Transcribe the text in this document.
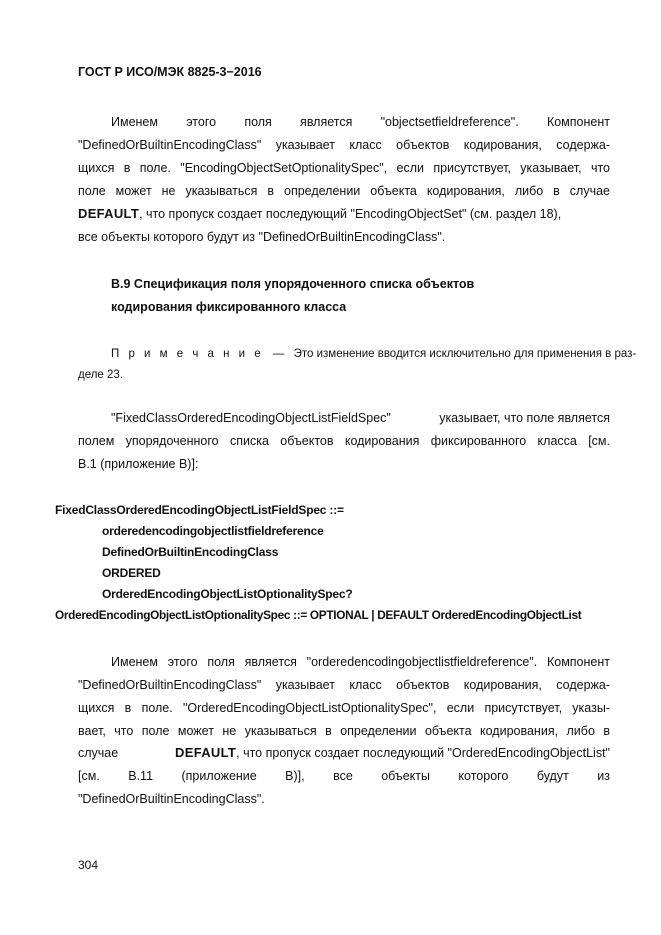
ГОСТ Р ИСО/МЭК 8825-3−2016
Именем этого поля является "objectsetfieldreference". Компонент
"DefinedOrBuiltinEncodingClass" указывает класс объектов кодирования, содержа-
щихся в поле. "EncodingObjectSetOptionalitySpec", если присутствует, указывает, что
поле может не указываться в определении объекта кодирования, либо в случае
DEFAULT, что пропуск создает последующий "EncodingObjectSet" (см. раздел 18),
все объекты которого будут из "DefinedOrBuiltinEncodingClass".
В.9 Спецификация поля упорядоченного списка объектов
кодирования фиксированного класса
П р и м е ч а н и е — Это изменение вводится исключительно для применения в раз-
деле 23.
"FixedClassOrderedEncodingObjectListFieldSpec"	указывает, что поле является
полем упорядоченного списка объектов кодирования фиксированного класса [см.
В.1 (приложение В)]:
FixedClassOrderedEncodingObjectListFieldSpec ::=
orderedencodingobjectlistfieldreference
DefinedOrBuiltinEncodingClass
ORDERED
OrderedEncodingObjectListOptionalitySpec?
OrderedEncodingObjectListOptionalitySpec ::= OPTIONAL | DEFAULT OrderedEncodingObjectList
Именем этого поля является "orderedencodingobjectlistfieldreference". Компонент
"DefinedOrBuiltinEncodingClass" указывает класс объектов кодирования, содержа-
щихся в поле. "OrderedEncodingObjectListOptionalitySpec", если присутствует, указы-
вает, что поле может не указываться в определении объекта кодирования, либо в
случае	DEFAULT, что пропуск создает последующий "OrderedEncodingObjectList"
[см. В.11 (приложение В)], все объекты которого будут из
"DefinedOrBuiltinEncodingClass".
304
